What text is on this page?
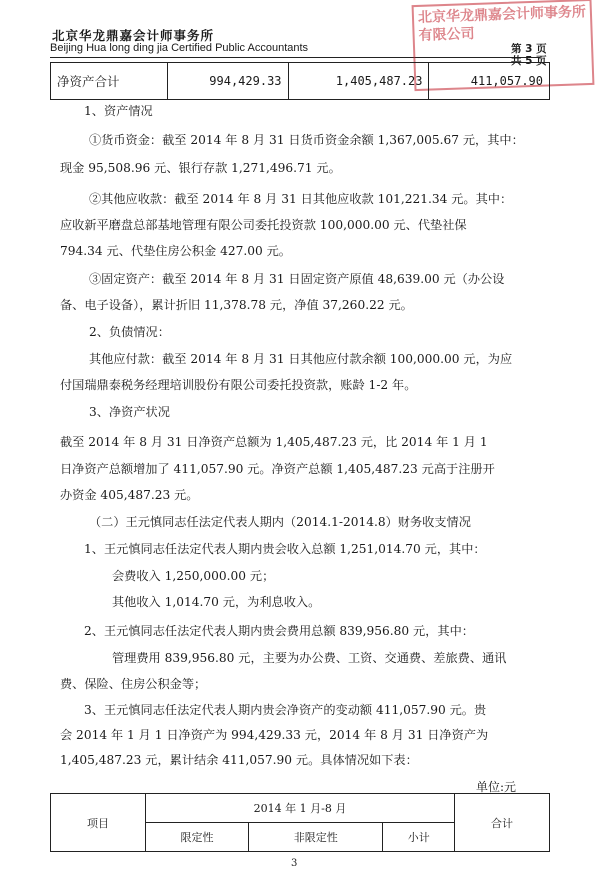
北京华龙鼎嘉会计师事务所
Beijing Hua long ding jia Certified Public Accountants	第 3 页
共 5 页
北京华龙鼎嘉会计师事务所有限公司
净资产合计	994,429.33	1,405,487.23	411,057.90
1、资产情况
①货币资金：截至 2014 年 8 月 31 日货币资金余额 1,367,005.67 元，其中：
现金 95,508.96 元、银行存款 1,271,496.71 元。
②其他应收款：截至 2014 年 8 月 31 日其他应收款 101,221.34 元。其中：
应收新平磨盘总部基地管理有限公司委托投资款 100,000.00 元、代垫社保
794.34 元、代垫住房公积金 427.00 元。
③固定资产：截至 2014 年 8 月 31 日固定资产原值 48,639.00 元（办公设
备、电子设备），累计折旧 11,378.78 元，净值 37,260.22 元。
2、负债情况：
其他应付款：截至 2014 年 8 月 31 日其他应付款余额 100,000.00 元，为应
付国瑞鼎泰税务经理培训股份有限公司委托投资款，账龄 1-2 年。
3、净资产状况
截至 2014 年 8 月 31 日净资产总额为 1,405,487.23 元，比 2014 年 1 月 1
日净资产总额增加了 411,057.90 元。净资产总额 1,405,487.23 元高于注册开
办资金 405,487.23 元。
（二）王元慎同志任法定代表人期内（2014.1-2014.8）财务收支情况
1、王元慎同志任法定代表人期内贵会收入总额 1,251,014.70 元，其中：
会费收入 1,250,000.00 元；
其他收入 1,014.70 元，为利息收入。
2、王元慎同志任法定代表人期内贵会费用总额 839,956.80 元，其中：
管理费用 839,956.80 元，主要为办公费、工资、交通费、差旅费、通讯
费、保险、住房公积金等；
3、王元慎同志任法定代表人期内贵会净资产的变动额 411,057.90 元。贵
会 2014 年 1 月 1 日净资产为 994,429.33 元，2014 年 8 月 31 日净资产为
1,405,487.23 元，累计结余 411,057.90 元。具体情况如下表：
单位:元
项目	2014 年 1 月-8 月			合计
	限定性	非限定性	小计	
3
